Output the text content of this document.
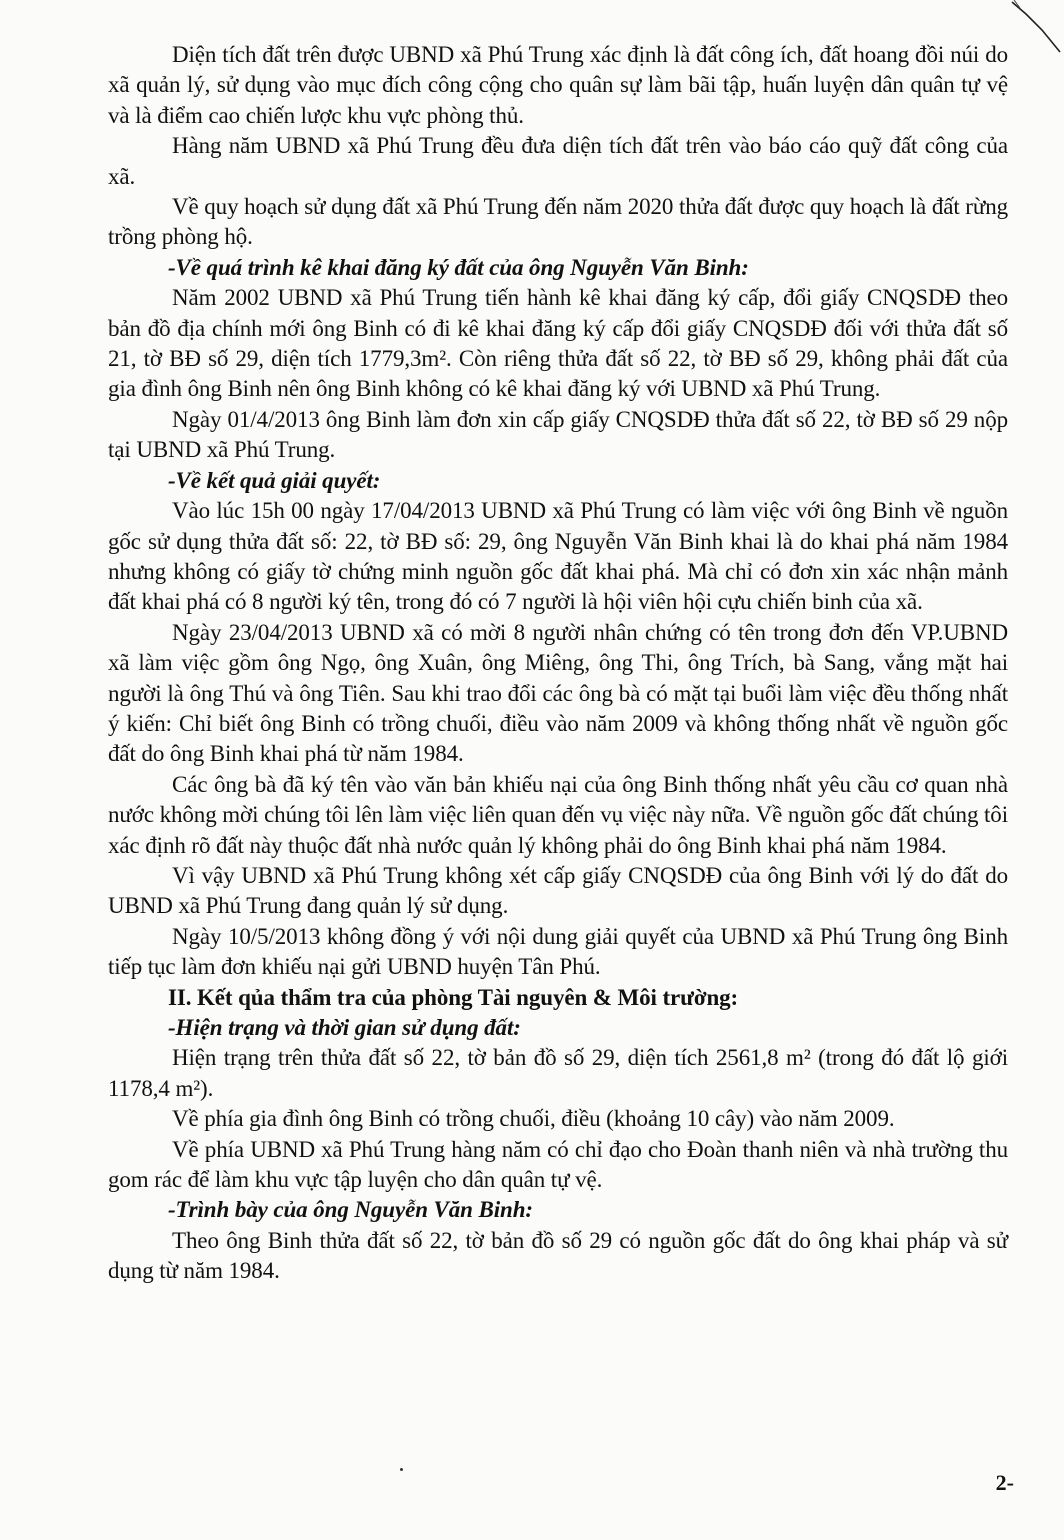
Diện tích đất trên được UBND xã Phú Trung xác định là đất công ích, đất hoang đồi núi do xã quản lý, sử dụng vào mục đích công cộng cho quân sự làm bãi tập, huấn luyện dân quân tự vệ và là điểm cao chiến lược khu vực phòng thủ.

Hàng năm UBND xã Phú Trung đều đưa diện tích đất trên vào báo cáo quỹ đất công của xã.

Về quy hoạch sử dụng đất xã Phú Trung đến năm 2020 thửa đất được quy hoạch là đất rừng trồng phòng hộ.

-Về quá trình kê khai đăng ký đất của ông Nguyễn Văn Binh:

Năm 2002 UBND xã Phú Trung tiến hành kê khai đăng ký cấp, đổi giấy CNQSDĐ theo bản đồ địa chính mới ông Binh có đi kê khai đăng ký cấp đổi giấy CNQSDĐ đối với thửa đất số 21, tờ BĐ số 29, diện tích 1779,3m². Còn riêng thửa đất số 22, tờ BĐ số 29, không phải đất của gia đình ông Binh nên ông Binh không có kê khai đăng ký với UBND xã Phú Trung.

Ngày 01/4/2013 ông Binh làm đơn xin cấp giấy CNQSDĐ thửa đất số 22, tờ BĐ số 29 nộp tại UBND xã Phú Trung.

-Về kết quả giải quyết:

Vào lúc 15h 00 ngày 17/04/2013 UBND xã Phú Trung có làm việc với ông Binh về nguồn gốc sử dụng thửa đất số: 22, tờ BĐ số: 29, ông Nguyễn Văn Binh khai là do khai phá năm 1984 nhưng không có giấy tờ chứng minh nguồn gốc đất khai phá. Mà chỉ có đơn xin xác nhận mảnh đất khai phá có 8 người ký tên, trong đó có 7 người là hội viên hội cựu chiến binh của xã.

Ngày 23/04/2013 UBND xã có mời 8 người nhân chứng có tên trong đơn đến VP.UBND xã làm việc gồm ông Ngọ, ông Xuân, ông Miêng, ông Thi, ông Trích, bà Sang, vắng mặt hai người là ông Thú và ông Tiên. Sau khi trao đổi các ông bà có mặt tại buổi làm việc đều thống nhất ý kiến: Chỉ biết ông Binh có trồng chuối, điều vào năm 2009 và không thống nhất về nguồn gốc đất do ông Binh khai phá từ năm 1984.

Các ông bà đã ký tên vào văn bản khiếu nại của ông Binh thống nhất yêu cầu cơ quan nhà nước không mời chúng tôi lên làm việc liên quan đến vụ việc này nữa. Về nguồn gốc đất chúng tôi xác định rõ đất này thuộc đất nhà nước quản lý không phải do ông Binh khai phá năm 1984.

Vì vậy UBND xã Phú Trung không xét cấp giấy CNQSDĐ của ông Binh với lý do đất do UBND xã Phú Trung đang quản lý sử dụng.

Ngày 10/5/2013 không đồng ý với nội dung giải quyết của UBND xã Phú Trung ông Binh tiếp tục làm đơn khiếu nại gửi UBND huyện Tân Phú.

II. Kết qủa thẩm tra của phòng Tài nguyên & Môi trường:

-Hiện trạng và thời gian sử dụng đất:

Hiện trạng trên thửa đất số 22, tờ bản đồ số 29, diện tích 2561,8 m² (trong đó đất lộ giới 1178,4 m²).

Về phía gia đình ông Binh có trồng chuối, điều (khoảng 10 cây) vào năm 2009.

Về phía UBND xã Phú Trung hàng năm có chỉ đạo cho Đoàn thanh niên và nhà trường thu gom rác để làm khu vực tập luyện cho dân quân tự vệ.

-Trình bày của ông Nguyễn Văn Binh:

Theo ông Binh thửa đất số 22, tờ bản đồ số 29 có nguồn gốc đất do ông khai pháp và sử dụng từ năm 1984.

2-
